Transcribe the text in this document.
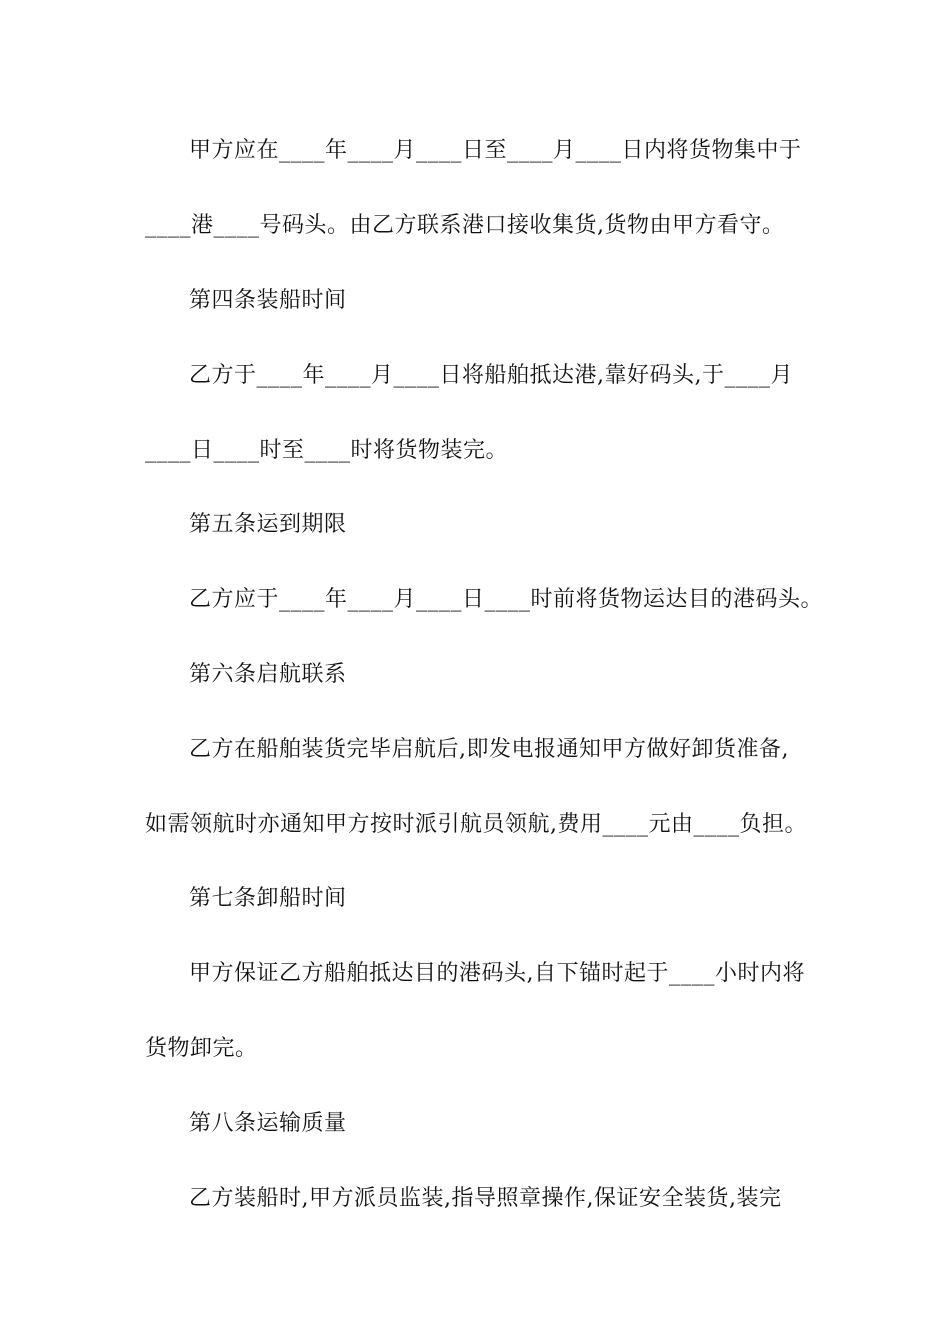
甲方应在____年____月____日至____月____日内将货物集中于
____港____号码头。由乙方联系港口接收集货,货物由甲方看守。
第四条装船时间
乙方于____年____月____日将船舶抵达港,靠好码头,于____月
____日____时至____时将货物装完。
第五条运到期限
乙方应于____年____月____日____时前将货物运达目的港码头。
第六条启航联系
乙方在船舶装货完毕启航后,即发电报通知甲方做好卸货准备,
如需领航时亦通知甲方按时派引航员领航,费用____元由____负担。
第七条卸船时间
甲方保证乙方船舶抵达目的港码头,自下锚时起于____小时内将
货物卸完。
第八条运输质量
乙方装船时,甲方派员监装,指导照章操作,保证安全装货,装完
